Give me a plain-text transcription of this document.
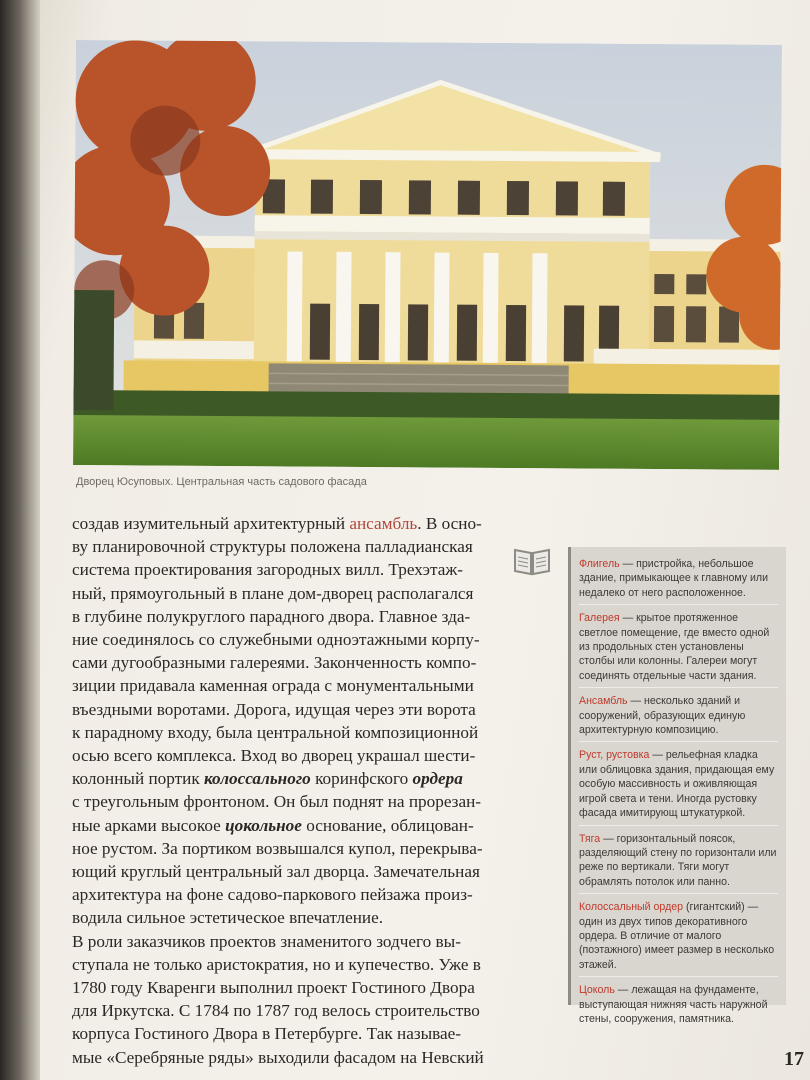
Дворец Юсуповых. Центральная часть садового фасада
создав изумительный архитектурный ансамбль. В осно-
ву планировочной структуры положена палладианская
система проектирования загородных вилл. Трехэтаж-
ный, прямоугольный в плане дом-дворец располагался
в глубине полукруглого парадного двора. Главное зда-
ние соединялось со служебными одноэтажными корпу-
сами дугообразными галереями. Законченность компо-
зиции придавала каменная ограда с монументальными
въездными воротами. Дорога, идущая через эти ворота
к парадному входу, была центральной композиционной
осью всего комплекса. Вход во дворец украшал шести-
колонный портик колоссального коринфского ордера
с треугольным фронтоном. Он был поднят на прорезан-
ные арками высокое цокольное основание, облицован-
ное рустом. За портиком возвышался купол, перекрыва-
ющий круглый центральный зал дворца. Замечательная
архитектура на фоне садово-паркового пейзажа произ-
водила сильное эстетическое впечатление.
В роли заказчиков проектов знаменитого зодчего вы-
ступала не только аристократия, но и купечество. Уже в
1780 году Кваренги выполнил проект Гостиного Двора
для Иркутска. С 1784 по 1787 год велось строительство
корпуса Гостиного Двора в Петербурге. Так называе-
мые «Серебряные ряды» выходили фасадом на Невский
Флигель — пристройка, небольшое здание, примыкающее к главному или недалеко от него расположенное.
Галерея — крытое протяженное светлое помещение, где вместо одной из продольных стен установлены столбы или колонны. Галереи могут соединять отдельные части здания.
Ансамбль — несколько зданий и сооружений, образующих единую архитектурную композицию.
Руст, рустовка — рельефная кладка или облицовка здания, придающая ему особую массивность и оживляющая игрой света и тени. Иногда рустовку фасада имитирующ штукатуркой.
Тяга — горизонтальный поясок, разделяющий стену по горизонтали или реже по вертикали. Тяги могут обрамлять потолок или панно.
Колоссальный ордер (гигантский) — один из двух типов декоративного ордера. В отличие от малого (поэтажного) имеет размер в несколько этажей.
Цоколь — лежащая на фундаменте, выступающая нижняя часть наружной стены, сооружения, памятника.
17
